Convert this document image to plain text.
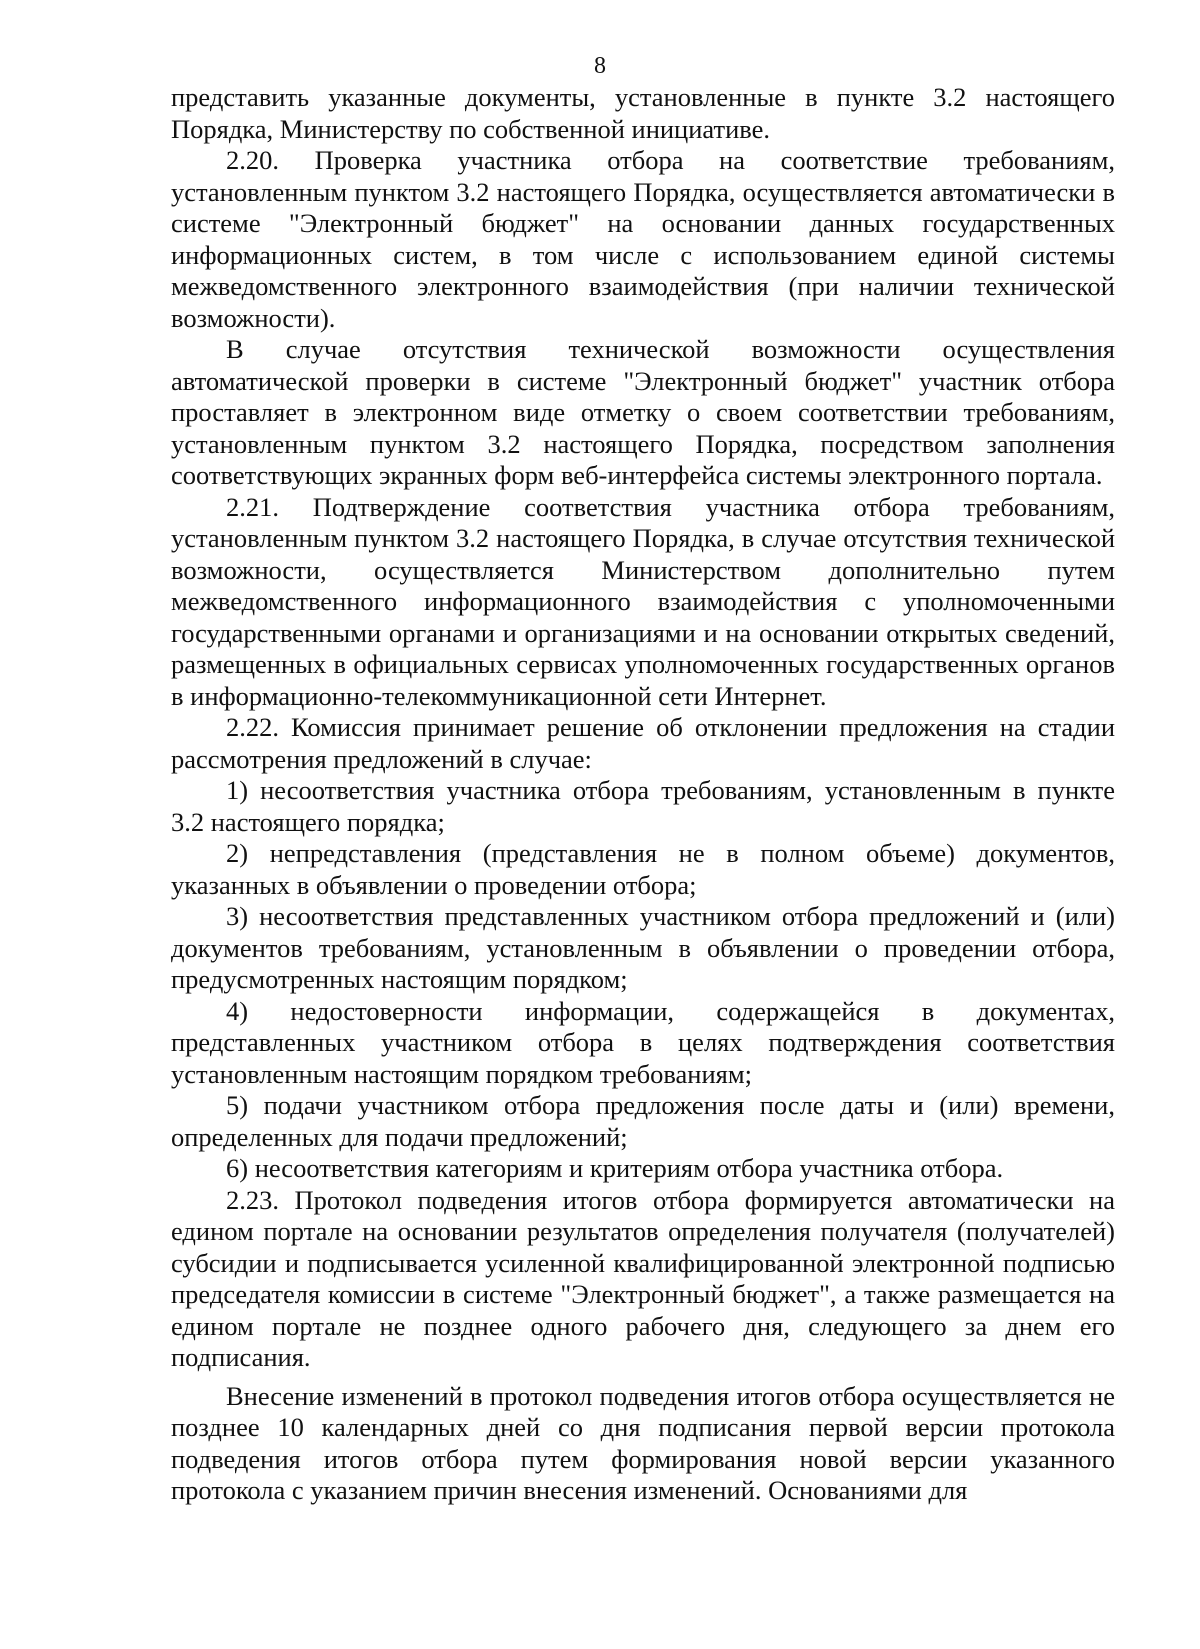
8

представить указанные документы, установленные в пункте 3.2 настоящего Порядка, Министерству по собственной инициативе.

2.20. Проверка участника отбора на соответствие требованиям, установленным пунктом 3.2 настоящего Порядка, осуществляется автоматически в системе "Электронный бюджет" на основании данных государственных информационных систем, в том числе с использованием единой системы межведомственного электронного взаимодействия (при наличии технической возможности).

В случае отсутствия технической возможности осуществления автоматической проверки в системе "Электронный бюджет" участник отбора проставляет в электронном виде отметку о своем соответствии требованиям, установленным пунктом 3.2 настоящего Порядка, посредством заполнения соответствующих экранных форм веб-интерфейса системы электронного портала.

2.21. Подтверждение соответствия участника отбора требованиям, установленным пунктом 3.2 настоящего Порядка, в случае отсутствия технической возможности, осуществляется Министерством дополнительно путем межведомственного информационного взаимодействия с уполномоченными государственными органами и организациями и на основании открытых сведений, размещенных в официальных сервисах уполномоченных государственных органов в информационно-телекоммуникационной сети Интернет.

2.22. Комиссия принимает решение об отклонении предложения на стадии рассмотрения предложений в случае:

1) несоответствия участника отбора требованиям, установленным в пункте 3.2 настоящего порядка;

2) непредставления (представления не в полном объеме) документов, указанных в объявлении о проведении отбора;

3) несоответствия представленных участником отбора предложений и (или) документов требованиям, установленным в объявлении о проведении отбора, предусмотренных настоящим порядком;

4) недостоверности информации, содержащейся в документах, представленных участником отбора в целях подтверждения соответствия установленным настоящим порядком требованиям;

5) подачи участником отбора предложения после даты и (или) времени, определенных для подачи предложений;

6) несоответствия категориям и критериям отбора участника отбора.

2.23. Протокол подведения итогов отбора формируется автоматически на едином портале на основании результатов определения получателя (получателей) субсидии и подписывается усиленной квалифицированной электронной подписью председателя комиссии в системе "Электронный бюджет", а также размещается на едином портале не позднее одного рабочего дня, следующего за днем его подписания.

Внесение изменений в протокол подведения итогов отбора осуществляется не позднее 10 календарных дней со дня подписания первой версии протокола подведения итогов отбора путем формирования новой версии указанного протокола с указанием причин внесения изменений. Основаниями для
